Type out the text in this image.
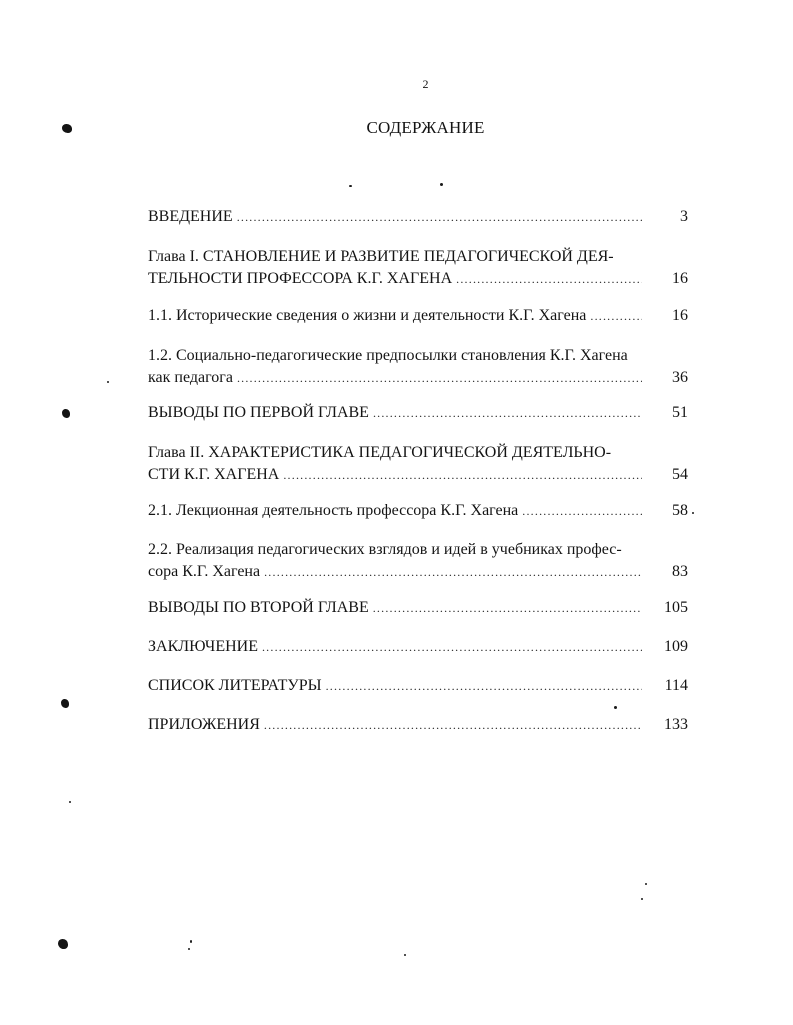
2
СОДЕРЖАНИЕ
ВВЕДЕНИЕ .....	3
Глава I. СТАНОВЛЕНИЕ И РАЗВИТИЕ ПЕДАГОГИЧЕСКОЙ ДЕЯ-
ТЕЛЬНОСТИ ПРОФЕССОРА К.Г. ХАГЕНА .....	16
1.1. Исторические сведения о жизни и деятельности К.Г. Хагена .....	16
1.2. Социально-педагогические предпосылки становления К.Г. Хагена
как педагога .....	36
ВЫВОДЫ ПО ПЕРВОЙ ГЛАВЕ .....	51
Глава II. ХАРАКТЕРИСТИКА ПЕДАГОГИЧЕСКОЙ ДЕЯТЕЛЬНО-
СТИ К.Г. ХАГЕНА .....	54
2.1. Лекционная деятельность профессора К.Г. Хагена .....	58
2.2. Реализация педагогических взглядов и идей в учебниках профес-
сора К.Г. Хагена .....	83
ВЫВОДЫ ПО ВТОРОЙ ГЛАВЕ .....	105
ЗАКЛЮЧЕНИЕ .....	109
СПИСОК ЛИТЕРАТУРЫ .....	114
ПРИЛОЖЕНИЯ .....	133
